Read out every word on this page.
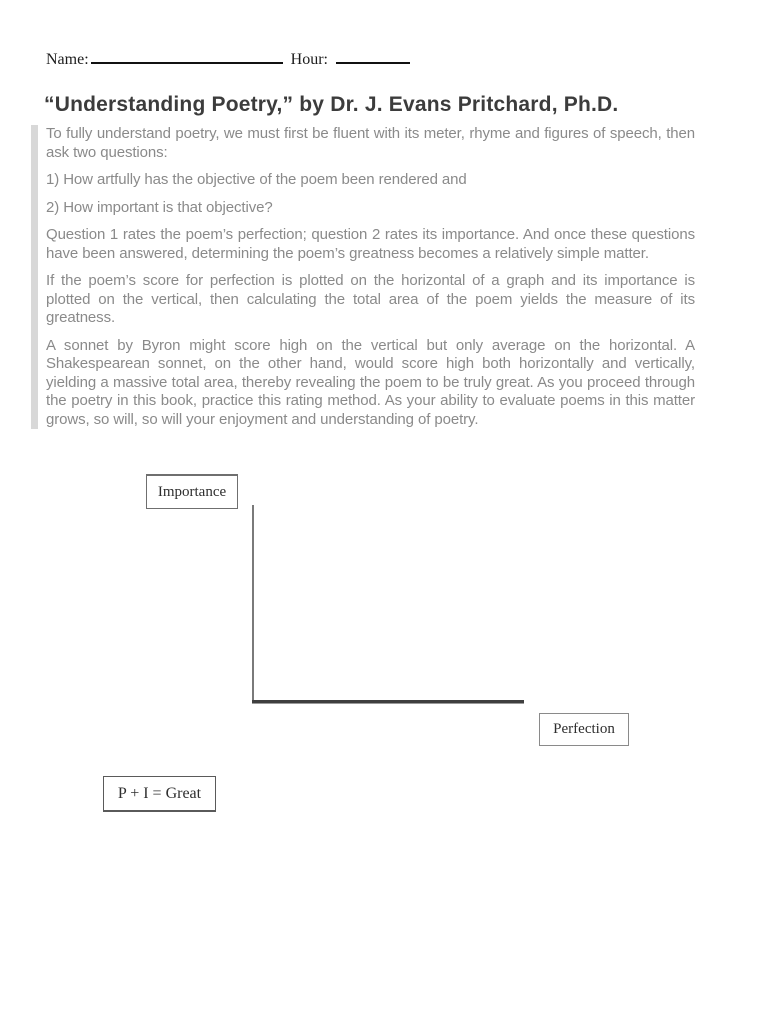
Name:	Hour:
“Understanding Poetry,” by Dr. J. Evans Pritchard, Ph.D.

To fully understand poetry, we must first be fluent with its meter, rhyme and figures of speech, then ask two questions:

1) How artfully has the objective of the poem been rendered and

2) How important is that objective?

Question 1 rates the poem’s perfection; question 2 rates its importance. And once these questions have been answered, determining the poem’s greatness becomes a relatively simple matter.

If the poem’s score for perfection is plotted on the horizontal of a graph and its importance is plotted on the vertical, then calculating the total area of the poem yields the measure of its greatness.

A sonnet by Byron might score high on the vertical but only average on the horizontal. A Shakespearean sonnet, on the other hand, would score high both horizontally and vertically, yielding a massive total area, thereby revealing the poem to be truly great. As you proceed through the poetry in this book, practice this rating method. As your ability to evaluate poems in this matter grows, so will, so will your enjoyment and understanding of poetry.

Importance
Perfection
P + I = Great
